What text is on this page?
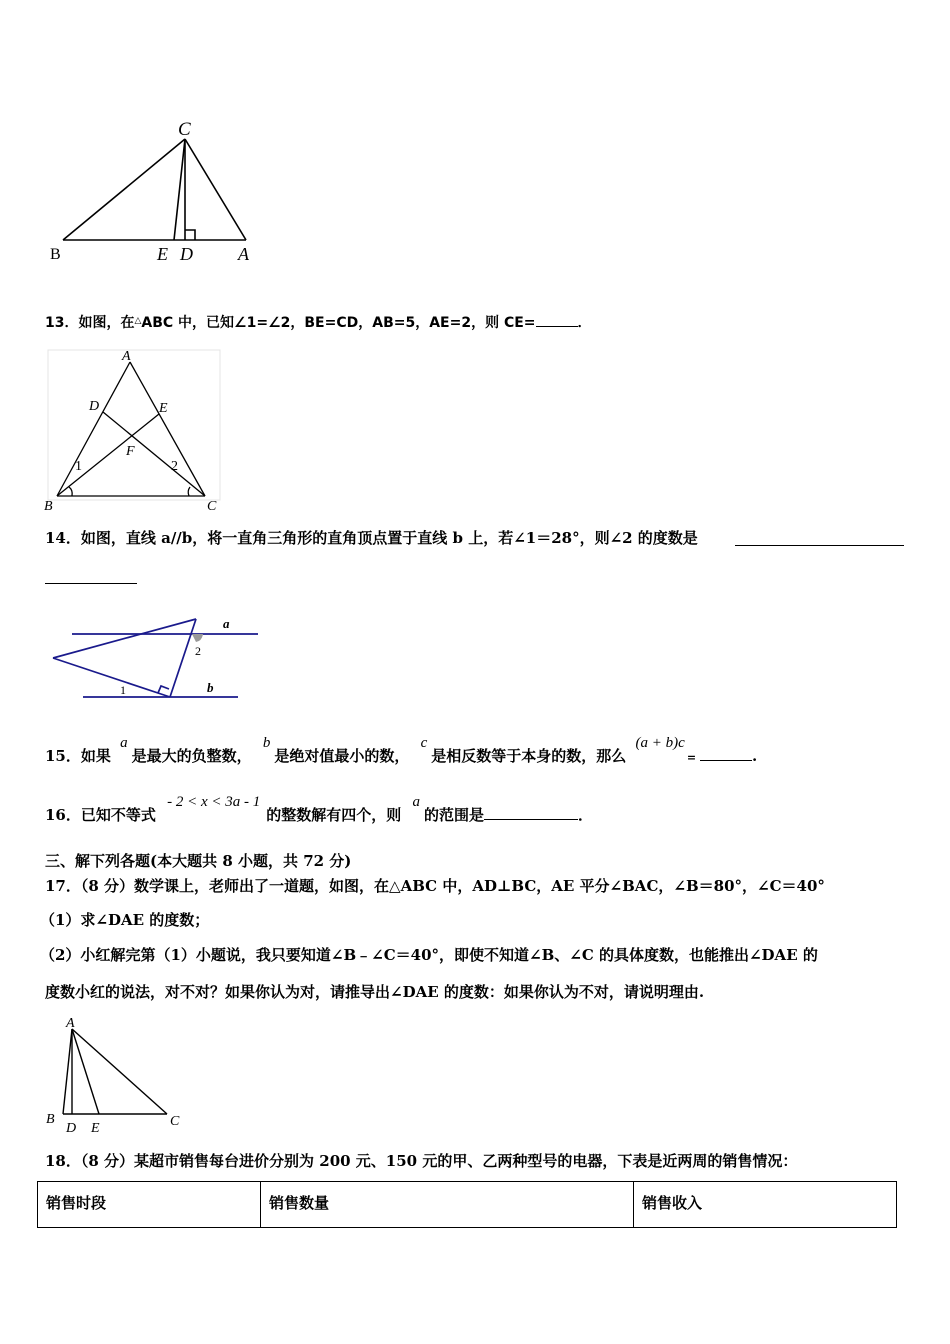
C
B	E D	A
13．如图，在△ABC 中，已知∠1=∠2，BE=CD，AB=5，AE=2，则 CE=	．
A
D	E
F
1	2
B	C
14．如图，直线 a//b，将一直角三角形的直角顶点置于直线 b 上，若∠1＝28°，则∠2 的度数是
a
2
1	b
15．如果 a是最大的负整数， b是绝对值最小的数， c是相反数等于本身的数，那么 (a + b)c=	.
16．已知不等式 - 2 < x < 3a - 1的整数解有四个，则 a的范围是	．
三、解下列各题(本大题共 8 小题，共 72 分)
17．（8 分）数学课上，老师出了一道题，如图，在△ABC 中，AD⊥BC，AE 平分∠BAC，∠B＝80°，∠C＝40°
（1）求∠DAE 的度数；
（2）小红解完第（1）小题说，我只要知道∠B﹣∠C＝40°，即使不知道∠B、∠C 的具体度数，也能推出∠DAE 的
度数小红的说法，对不对？如果你认为对，请推导出∠DAE 的度数：如果你认为不对，请说明理由.
A
B
D E	C
18．（8 分）某超市销售每台进价分别为 200 元、150 元的甲、乙两种型号的电器，下表是近两周的销售情况：
销售时段	销售数量	销售收入
